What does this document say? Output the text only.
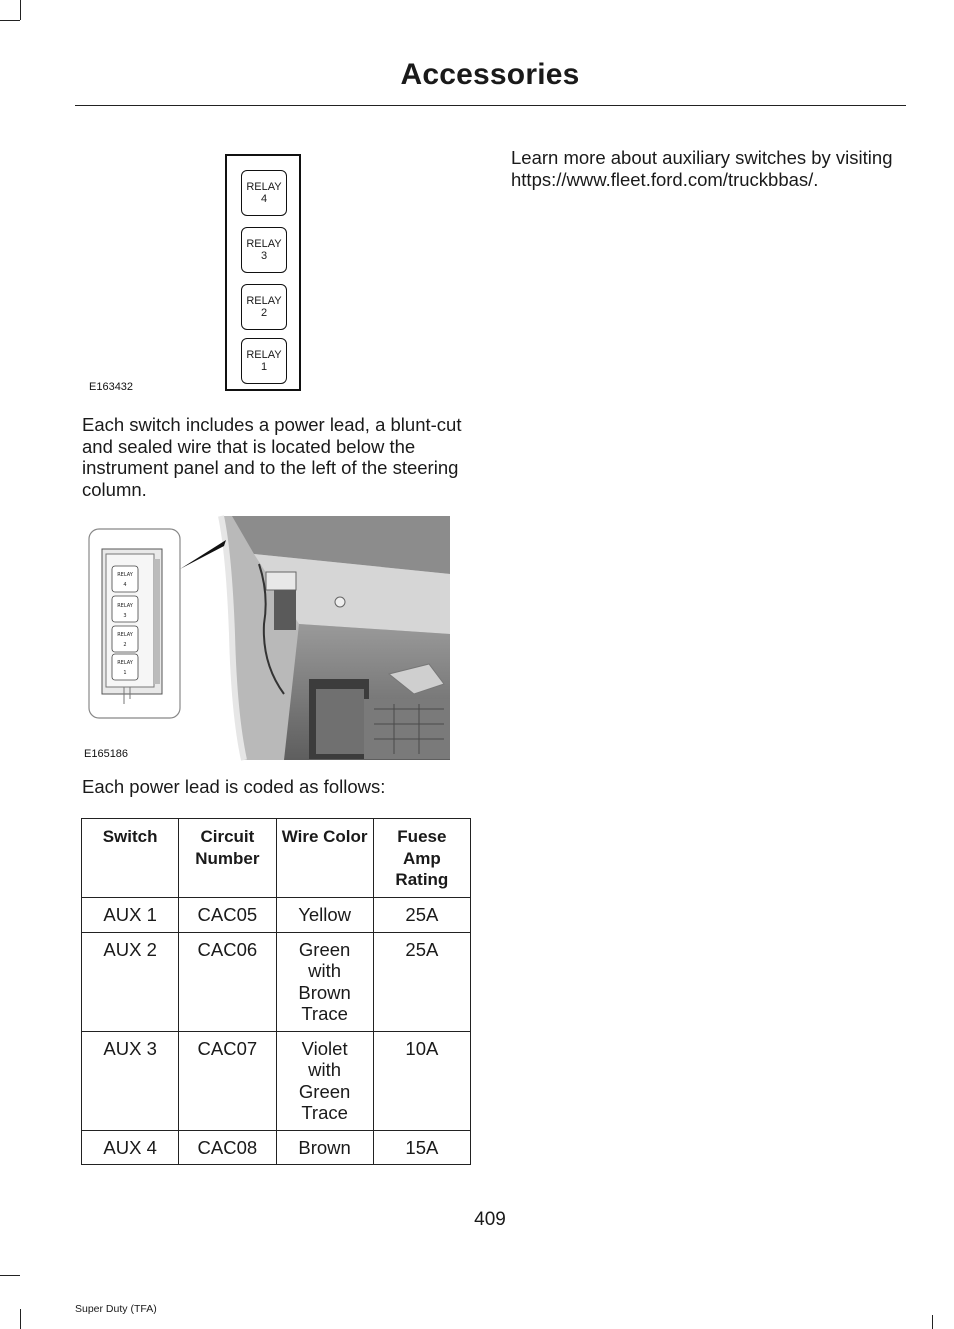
Accessories
RELAY
4
RELAY
3
RELAY
2
RELAY
1
E163432
Each switch includes a power lead, a blunt-cut and sealed wire that is located below the instrument panel and to the left of the steering column.
RELAY
4
RELAY
3
RELAY
2
RELAY
1
E165186
Each power lead is coded as follows:
Switch	Circuit Number	Wire Color	Fuese Amp Rating
AUX 1	CAC05	Yellow	25A
AUX 2	CAC06	Green with Brown Trace	25A
AUX 3	CAC07	Violet with Green Trace	10A
AUX 4	CAC08	Brown	15A
Learn more about auxiliary switches by visiting https://www.fleet.ford.com/truckbbas/.
409
Super Duty (TFA)
